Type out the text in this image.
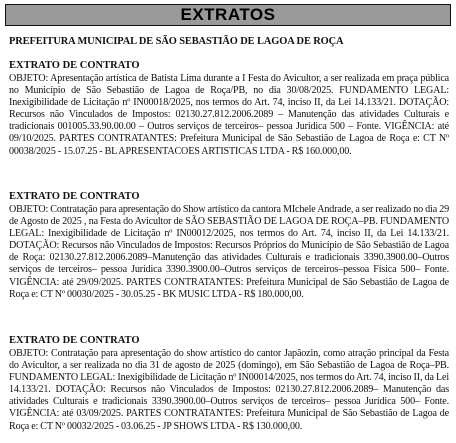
EXTRATOS
PREFEITURA MUNICIPAL DE SÃO SEBASTIÃO DE LAGOA DE ROÇA

EXTRATO DE CONTRATO

OBJETO: Apresentação artística de Batista Lima durante a I Festa do Avicultor, a ser realizada em praça pública no Município de São Sebastião de Lagoa de Roça/PB, no dia 30/08/2025. FUNDAMENTO LEGAL: Inexigibilidade de Licitação nº IN00018/2025, nos termos do Art. 74, inciso II, da Lei 14.133/21. DOTAÇÃO: Recursos não Vinculados de Impostos: 02130.27.812.2006.2089 – Manutenção das atividades Culturais e tradicionais 001005.33.90.00.00 – Outros serviços de terceiros– pessoa Jurídica 500 – Fonte. VIGÊNCIA: até 09/10/2025. PARTES CONTRATANTES: Prefeitura Municipal de São Sebastião de Lagoa de Roça e: CT Nº 00038/2025 - 15.07.25 - BL APRESENTACOES ARTISTICAS LTDA - R$ 160.000,00.

EXTRATO DE CONTRATO

OBJETO: Contratação para apresentação do Show artístico da cantora MIchele Andrade, a ser realizado no dia 29 de Agosto de 2025 , na Festa do Avicultor de SÃO SEBASTIÃO DE LAGOA DE ROÇA–PB. FUNDAMENTO LEGAL: Inexigibilidade de Licitação nº IN00012/2025, nos termos do Art. 74, inciso II, da Lei 14.133/21. DOTAÇÃO: Recursos não Vinculados de Impostos: Recursos Próprios do Município de São Sebastião de Lagoa de Roça: 02130.27.812.2006.2089–Manutenção das atividades Culturais e tradicionais 3390.3900.00–Outros serviços de terceiros– pessoa Jurídica 3390.3900.00–Outros serviços de terceiros–pessoa Física 500– Fonte. VIGÊNCIA: até 29/09/2025. PARTES CONTRATANTES: Prefeitura Municipal de São Sebastião de Lagoa de Roça e: CT Nº 00030/2025 - 30.05.25 - BK MUSIC LTDA - R$ 180.000,00.

EXTRATO DE CONTRATO

OBJETO: Contratação para apresentação do show artístico do cantor Japãozin, como atração principal da Festa do Avicultor, a ser realizada no dia 31 de agosto de 2025 (domingo), em São Sebastião de Lagoa de Roça–PB. FUNDAMENTO LEGAL: Inexigibilidade de Licitação nº IN00014/2025, nos termos do Art. 74, inciso II, da Lei 14.133/21. DOTAÇÃO: Recursos não Vinculados de Impostos: 02130.27.812.2006.2089– Manutenção das atividades Culturais e tradicionais 3390.3900.00–Outros serviços de terceiros– pessoa Jurídica 500– Fonte. VIGÊNCIA: até 03/09/2025. PARTES CONTRATANTES: Prefeitura Municipal de São Sebastião de Lagoa de Roça e: CT Nº 00032/2025 - 03.06.25 - JP SHOWS LTDA - R$ 130.000,00.
